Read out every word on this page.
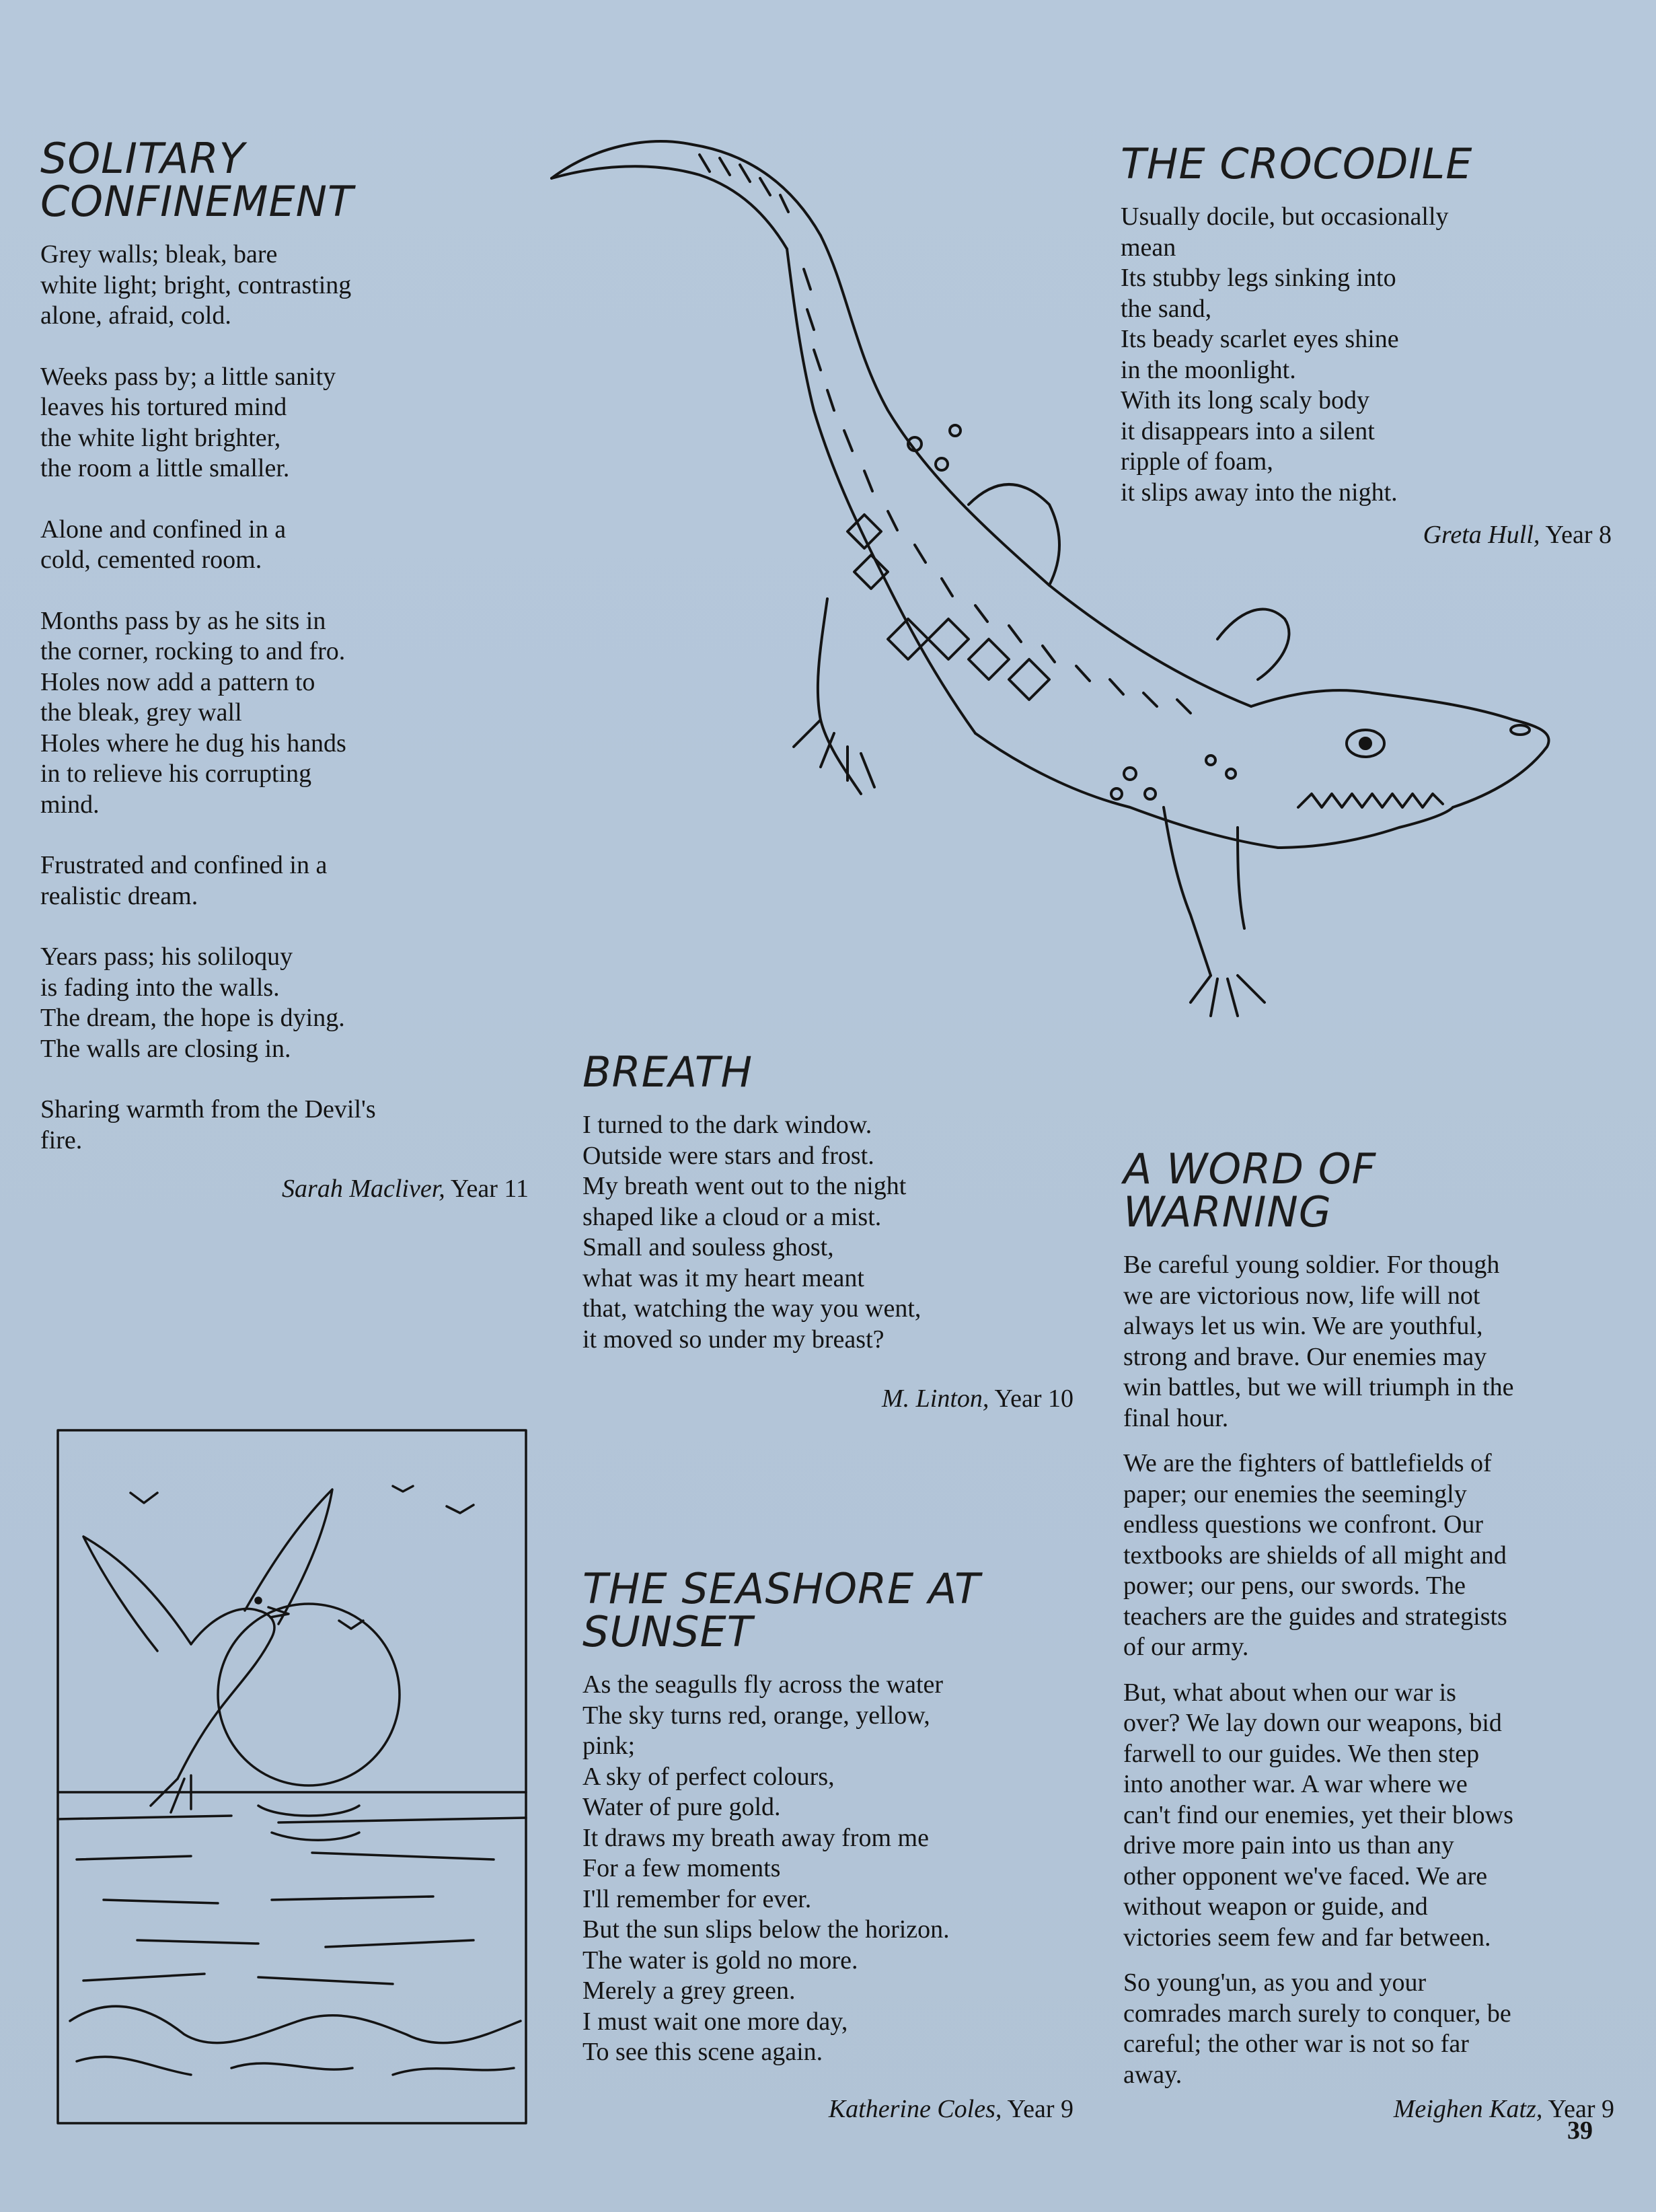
SOLITARY
CONFINEMENT
Grey walls; bleak, bare
white light; bright, contrasting
alone, afraid, cold.
Weeks pass by; a little sanity
leaves his tortured mind
the white light brighter,
the room a little smaller.
Alone and confined in a
cold, cemented room.
Months pass by as he sits in
the corner, rocking to and fro.
Holes now add a pattern to
the bleak, grey wall
Holes where he dug his hands
in to relieve his corrupting
mind.
Frustrated and confined in a
realistic dream.
Years pass; his soliloquy
is fading into the walls.
The dream, the hope is dying.
The walls are closing in.
Sharing warmth from the Devil's
fire.
Sarah Macliver, Year 11
THE CROCODILE
Usually docile, but occasionally
mean
Its stubby legs sinking into
the sand,
Its beady scarlet eyes shine
in the moonlight.
With its long scaly body
it disappears into a silent
ripple of foam,
it slips away into the night.
Greta Hull, Year 8
BREATH
I turned to the dark window.
Outside were stars and frost.
My breath went out to the night
shaped like a cloud or a mist.
Small and souless ghost,
what was it my heart meant
that, watching the way you went,
it moved so under my breast?
M. Linton, Year 10
A WORD OF
WARNING
Be careful young soldier. For though
we are victorious now, life will not
always let us win. We are youthful,
strong and brave. Our enemies may
win battles, but we will triumph in the
final hour.
We are the fighters of battlefields of
paper; our enemies the seemingly
endless questions we confront. Our
textbooks are shields of all might and
power; our pens, our swords. The
teachers are the guides and strategists
of our army.
But, what about when our war is
over? We lay down our weapons, bid
farwell to our guides. We then step
into another war. A war where we
can't find our enemies, yet their blows
drive more pain into us than any
other opponent we've faced. We are
without weapon or guide, and
victories seem few and far between.
So young'un, as you and your
comrades march surely to conquer, be
careful; the other war is not so far
away.
Meighen Katz, Year 9
THE SEASHORE AT
SUNSET
As the seagulls fly across the water
The sky turns red, orange, yellow,
pink;
A sky of perfect colours,
Water of pure gold.
It draws my breath away from me
For a few moments
I'll remember for ever.
But the sun slips below the horizon.
The water is gold no more.
Merely a grey green.
I must wait one more day,
To see this scene again.
Katherine Coles, Year 9
39
